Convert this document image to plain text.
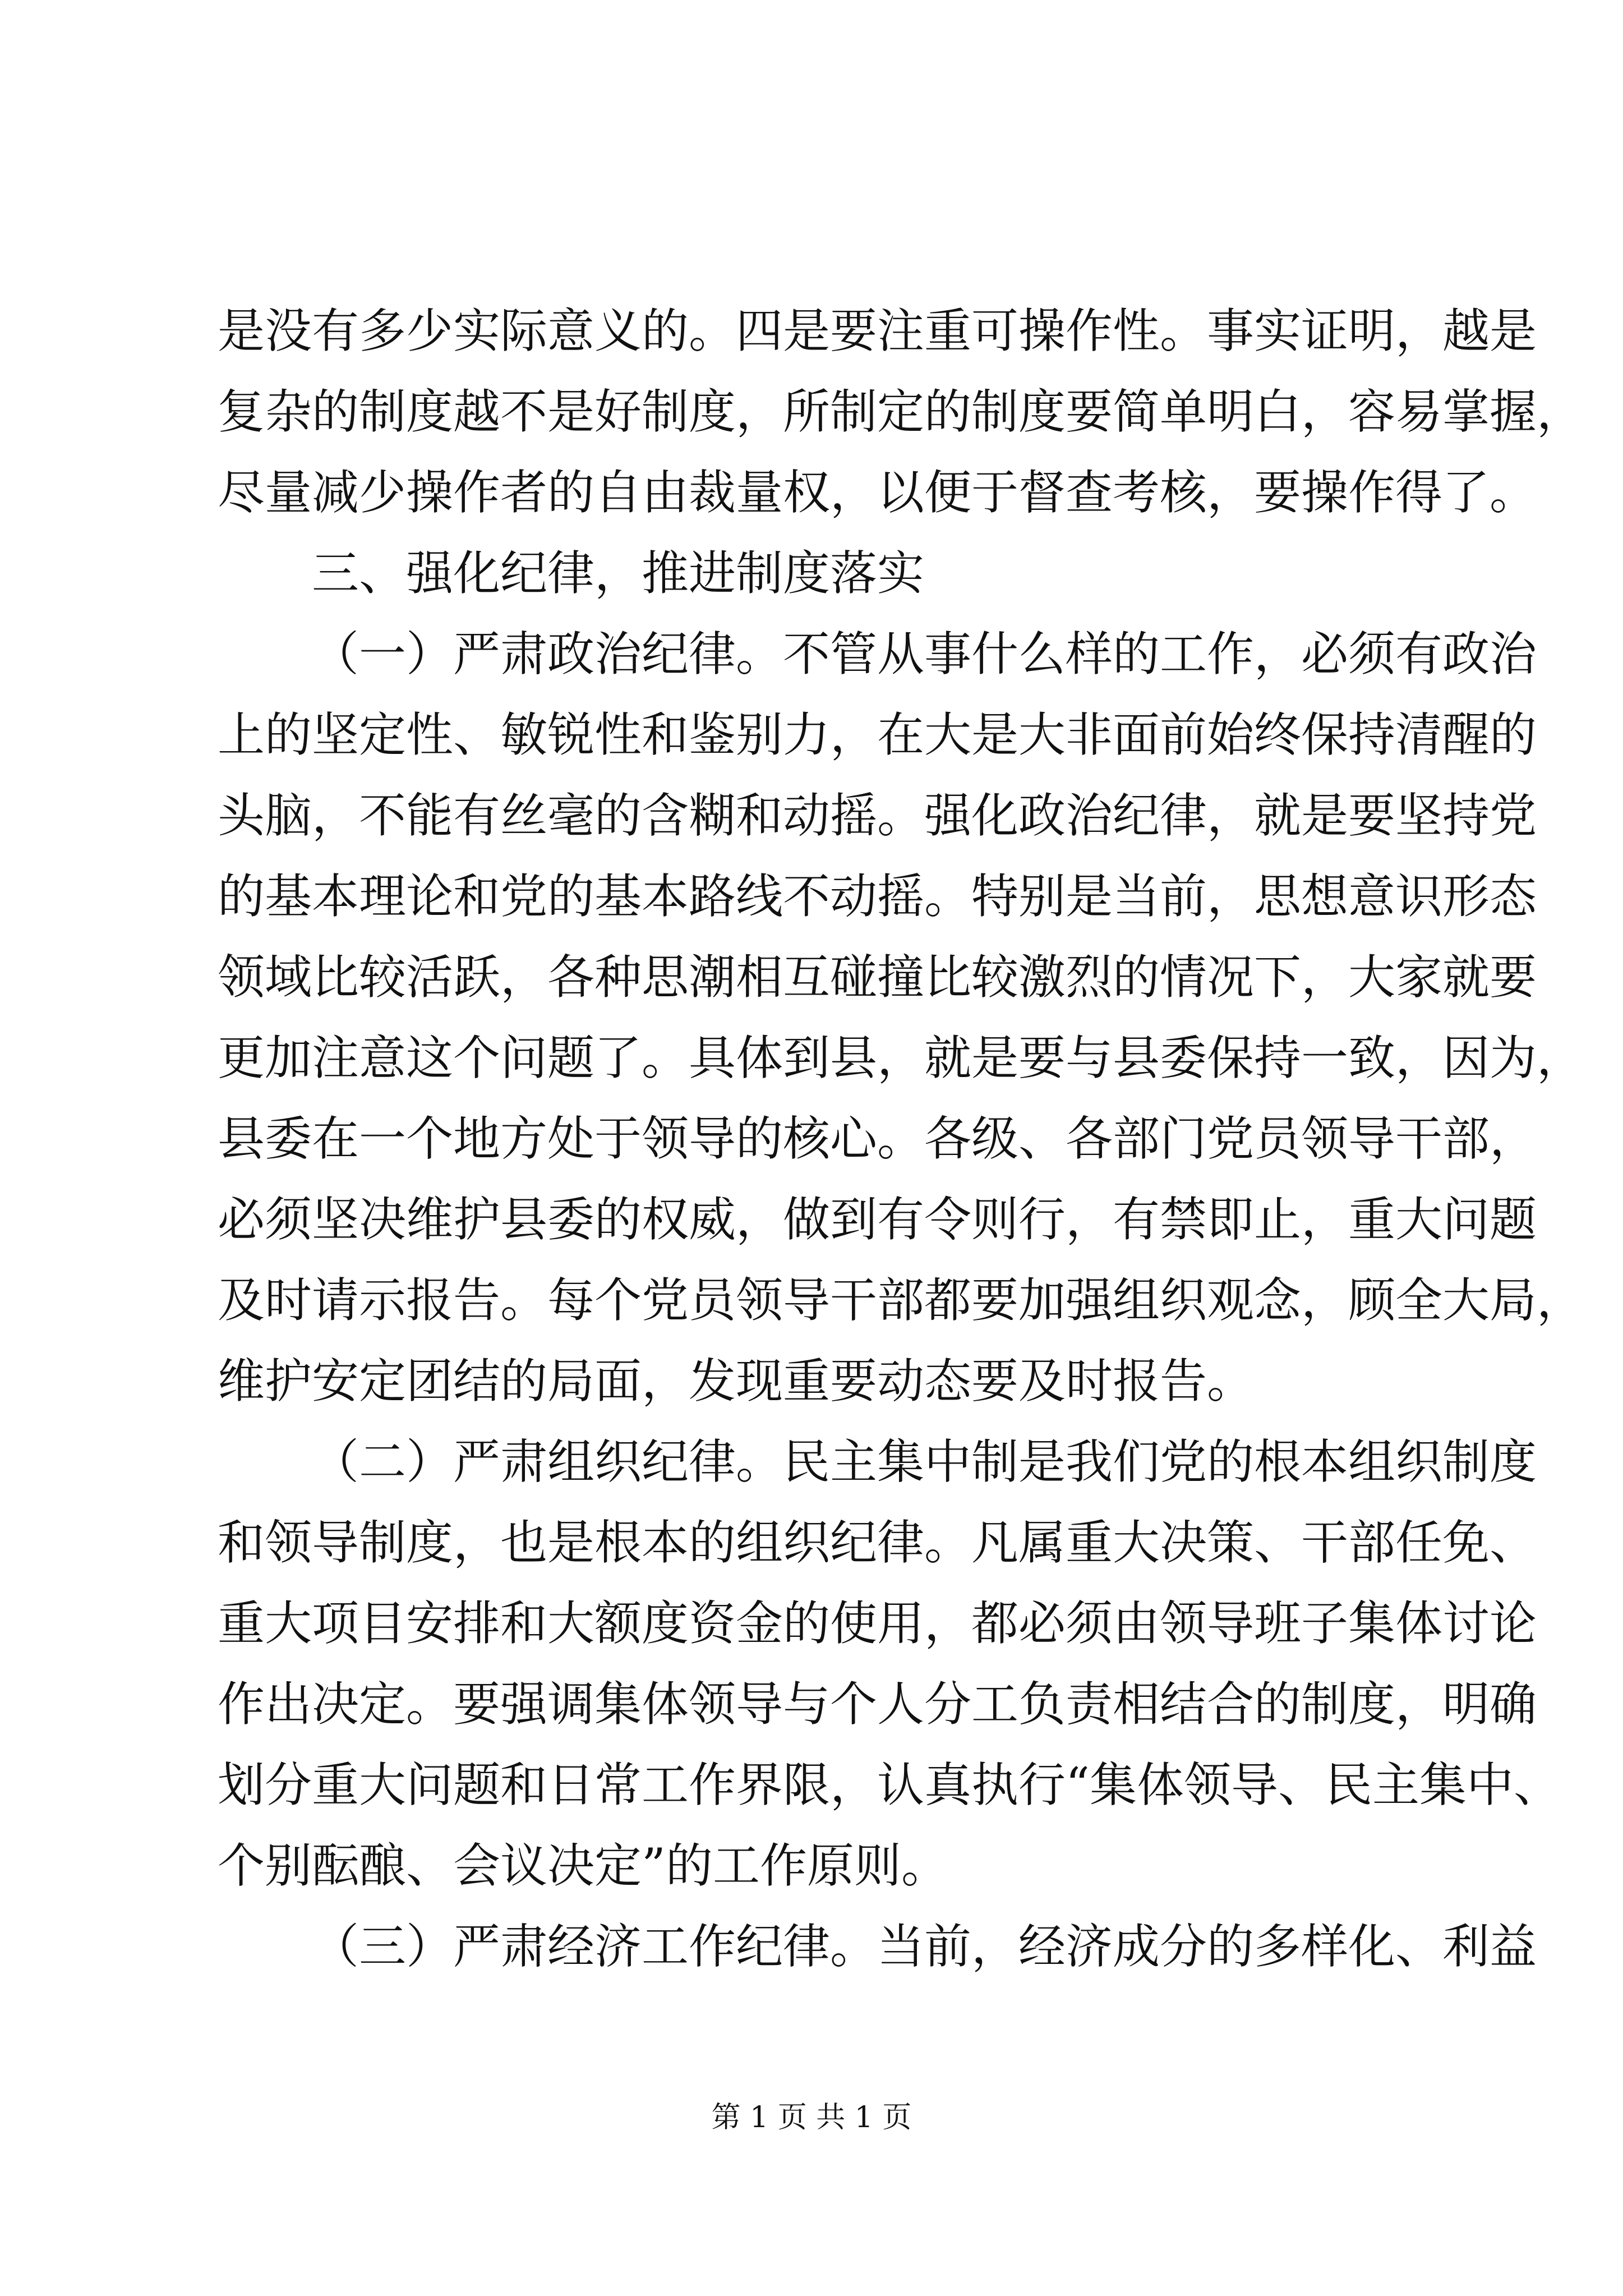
是没有多少实际意义的。四是要注重可操作性。事实证明，越是
复杂的制度越不是好制度，所制定的制度要简单明白，容易掌握，
尽量减少操作者的自由裁量权，以便于督查考核，要操作得了。
三、强化纪律，推进制度落实
（一）严肃政治纪律。不管从事什么样的工作，必须有政治
上的坚定性、敏锐性和鉴别力，在大是大非面前始终保持清醒的
头脑，不能有丝毫的含糊和动摇。强化政治纪律，就是要坚持党
的基本理论和党的基本路线不动摇。特别是当前，思想意识形态
领域比较活跃，各种思潮相互碰撞比较激烈的情况下，大家就要
更加注意这个问题了。具体到县，就是要与县委保持一致，因为，
县委在一个地方处于领导的核心。各级、各部门党员领导干部，
必须坚决维护县委的权威，做到有令则行，有禁即止，重大问题
及时请示报告。每个党员领导干部都要加强组织观念，顾全大局，
维护安定团结的局面，发现重要动态要及时报告。
（二）严肃组织纪律。民主集中制是我们党的根本组织制度
和领导制度，也是根本的组织纪律。凡属重大决策、干部任免、
重大项目安排和大额度资金的使用，都必须由领导班子集体讨论
作出决定。要强调集体领导与个人分工负责相结合的制度，明确
划分重大问题和日常工作界限，认真执行“集体领导、民主集中、
个别酝酿、会议决定”的工作原则。
（三）严肃经济工作纪律。当前，经济成分的多样化、利益
第 1 页 共 1 页
